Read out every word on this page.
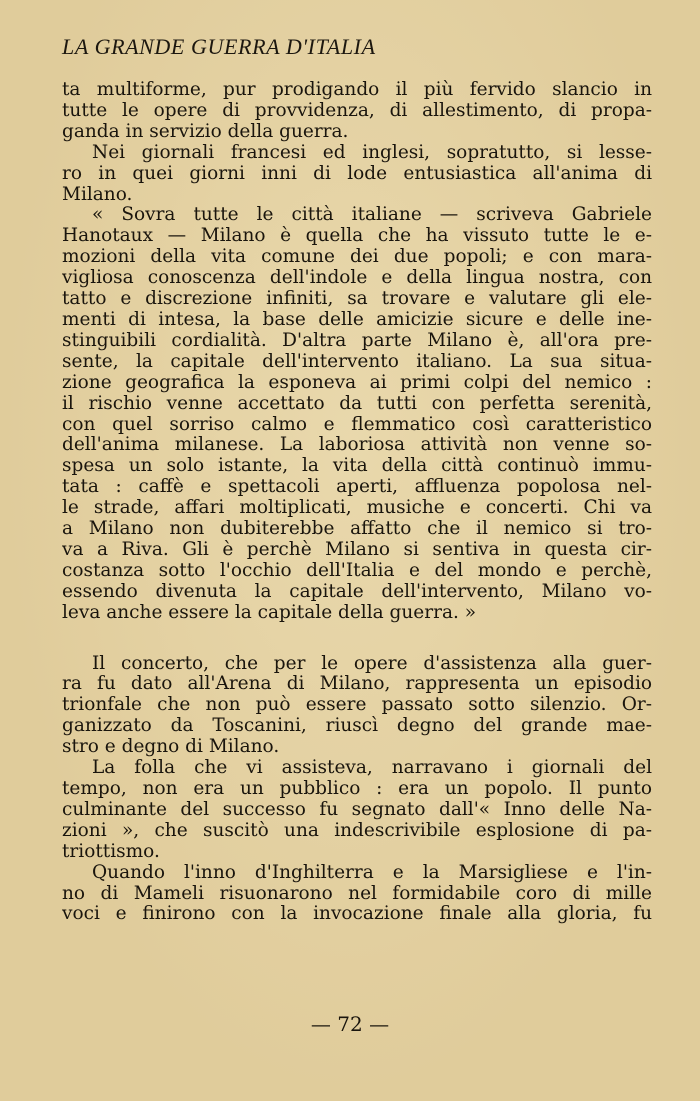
LA GRANDE GUERRA D'ITALIA

ta multiforme, pur prodigando il più fervido slancio in
tutte le opere di provvidenza, di allestimento, di propa-
ganda in servizio della guerra.

Nei giornali francesi ed inglesi, sopratutto, si lesse-
ro in quei giorni inni di lode entusiastica all'anima di
Milano.

« Sovra tutte le città italiane — scriveva Gabriele
Hanotaux — Milano è quella che ha vissuto tutte le e-
mozioni della vita comune dei due popoli; e con mara-
vigliosa conoscenza dell'indole e della lingua nostra, con
tatto e discrezione infiniti, sa trovare e valutare gli ele-
menti di intesa, la base delle amicizie sicure e delle ine-
stinguibili cordialità. D'altra parte Milano è, all'ora pre-
sente, la capitale dell'intervento italiano. La sua situa-
zione geografica la esponeva ai primi colpi del nemico :
il rischio venne accettato da tutti con perfetta serenità,
con quel sorriso calmo e flemmatico così caratteristico
dell'anima milanese. La laboriosa attività non venne so-
spesa un solo istante, la vita della città continuò immu-
tata : caffè e spettacoli aperti, affluenza popolosa nel-
le strade, affari moltiplicati, musiche e concerti. Chi va
a Milano non dubiterebbe affatto che il nemico si tro-
va a Riva. Gli è perchè Milano si sentiva in questa cir-
costanza sotto l'occhio dell'Italia e del mondo e perchè,
essendo divenuta la capitale dell'intervento, Milano vo-
leva anche essere la capitale della guerra. »

Il concerto, che per le opere d'assistenza alla guer-
ra fu dato all'Arena di Milano, rappresenta un episodio
trionfale che non può essere passato sotto silenzio. Or-
ganizzato da Toscanini, riuscì degno del grande mae-
stro e degno di Milano.

La folla che vi assisteva, narravano i giornali del
tempo, non era un pubblico : era un popolo. Il punto
culminante del successo fu segnato dall'« Inno delle Na-
zioni », che suscitò una indescrivibile esplosione di pa-
triottismo.

Quando l'inno d'Inghilterra e la Marsigliese e l'in-
no di Mameli risuonarono nel formidabile coro di mille
voci e finirono con la invocazione finale alla gloria, fu

— 72 —
